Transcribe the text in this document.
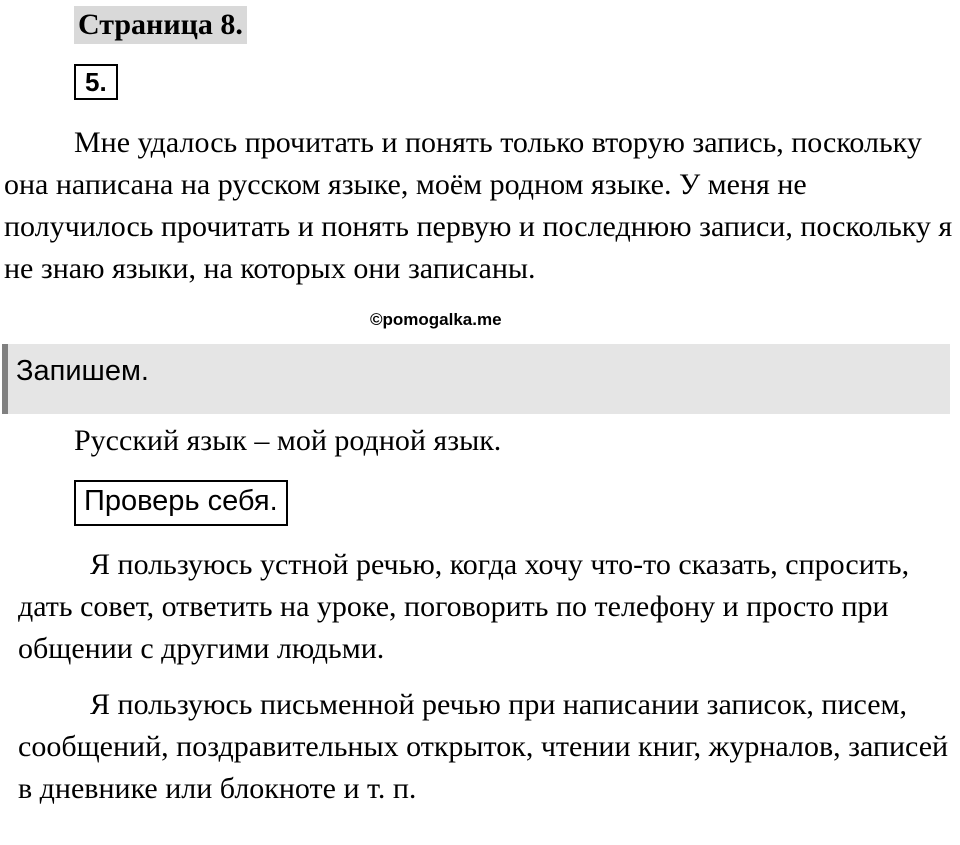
Страница 8.
5.

Мне удалось прочитать и понять только вторую запись, поскольку она написана на русском языке, моём родном языке. У меня не получилось прочитать и понять первую и последнюю записи, поскольку я не знаю языки, на которых они записаны.

©pomogalka.me
Запишем.
Русский язык – мой родной язык.
Проверь себя.

Я пользуюсь устной речью, когда хочу что-то сказать, спросить, дать совет, ответить на уроке, поговорить по телефону и просто при общении с другими людьми.

Я пользуюсь письменной речью при написании записок, писем, сообщений, поздравительных открыток, чтении книг, журналов, записей в дневнике или блокноте и т. п.
